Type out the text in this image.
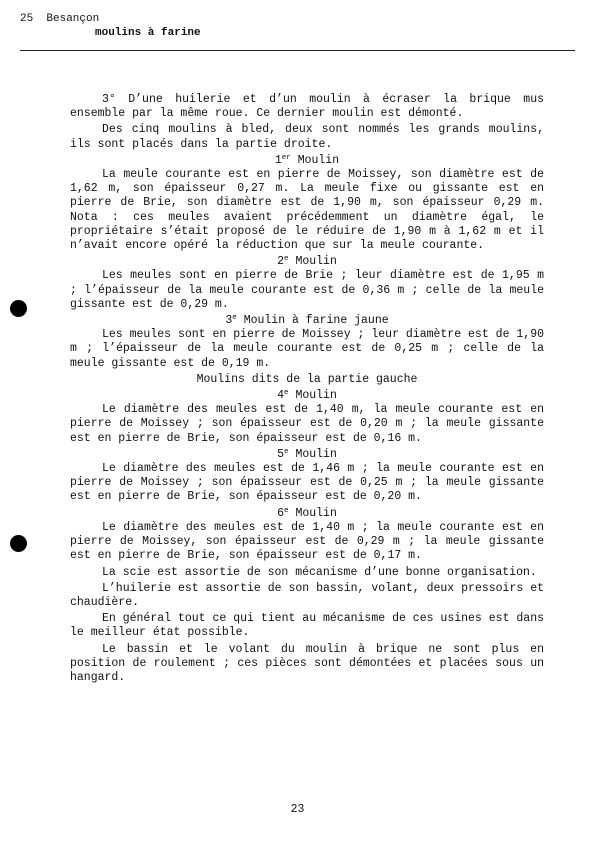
25  Besançon
moulins à farine
3° D’une huilerie et d’un moulin à écraser la brique mus ensemble par la même roue. Ce dernier moulin est démonté.
Des cinq moulins à bled, deux sont nommés les grands moulins, ils sont placés dans la partie droite.
1er Moulin
La meule courante est en pierre de Moissey, son diamètre est de 1,62 m, son épaisseur 0,27 m. La meule fixe ou gissante est en pierre de Brie, son diamètre est de 1,90 m, son épaisseur 0,29 m. Nota : ces meules avaient précédemment un diamètre égal, le propriétaire s’était proposé de le réduire de 1,90 m à 1,62 m et il n’avait encore opéré la réduction que sur la meule courante.
2e Moulin
Les meules sont en pierre de Brie ; leur diamètre est de 1,95 m ; l’épaisseur de la meule courante est de 0,36 m ; celle de la meule gissante est de 0,29 m.
3e Moulin à farine jaune
Les meules sont en pierre de Moissey ; leur diamètre est de 1,90 m ; l’épaisseur de la meule courante est de 0,25 m ; celle de la meule gissante est de 0,19 m.
Moulins dits de la partie gauche
4e Moulin
Le diamètre des meules est de 1,40 m, la meule courante est en pierre de Moissey ; son épaisseur est de 0,20 m ; la meule gissante est en pierre de Brie, son épaisseur est de 0,16 m.
5e Moulin
Le diamètre des meules est de 1,46 m ; la meule courante est en pierre de Moissey ; son épaisseur est de 0,25 m ; la meule gissante est en pierre de Brie, son épaisseur est de 0,20 m.
6e Moulin
Le diamètre des meules est de 1,40 m ; la meule courante est en pierre de Moissey, son épaisseur est de 0,29 m ; la meule gissante est en pierre de Brie, son épaisseur est de 0,17 m.
La scie est assortie de son mécanisme d’une bonne organisation.
L’huilerie est assortie de son bassin, volant, deux pressoirs et chaudière.
En général tout ce qui tient au mécanisme de ces usines est dans le meilleur état possible.
Le bassin et le volant du moulin à brique ne sont plus en position de roulement ; ces pièces sont démontées et placées sous un hangard.
23
